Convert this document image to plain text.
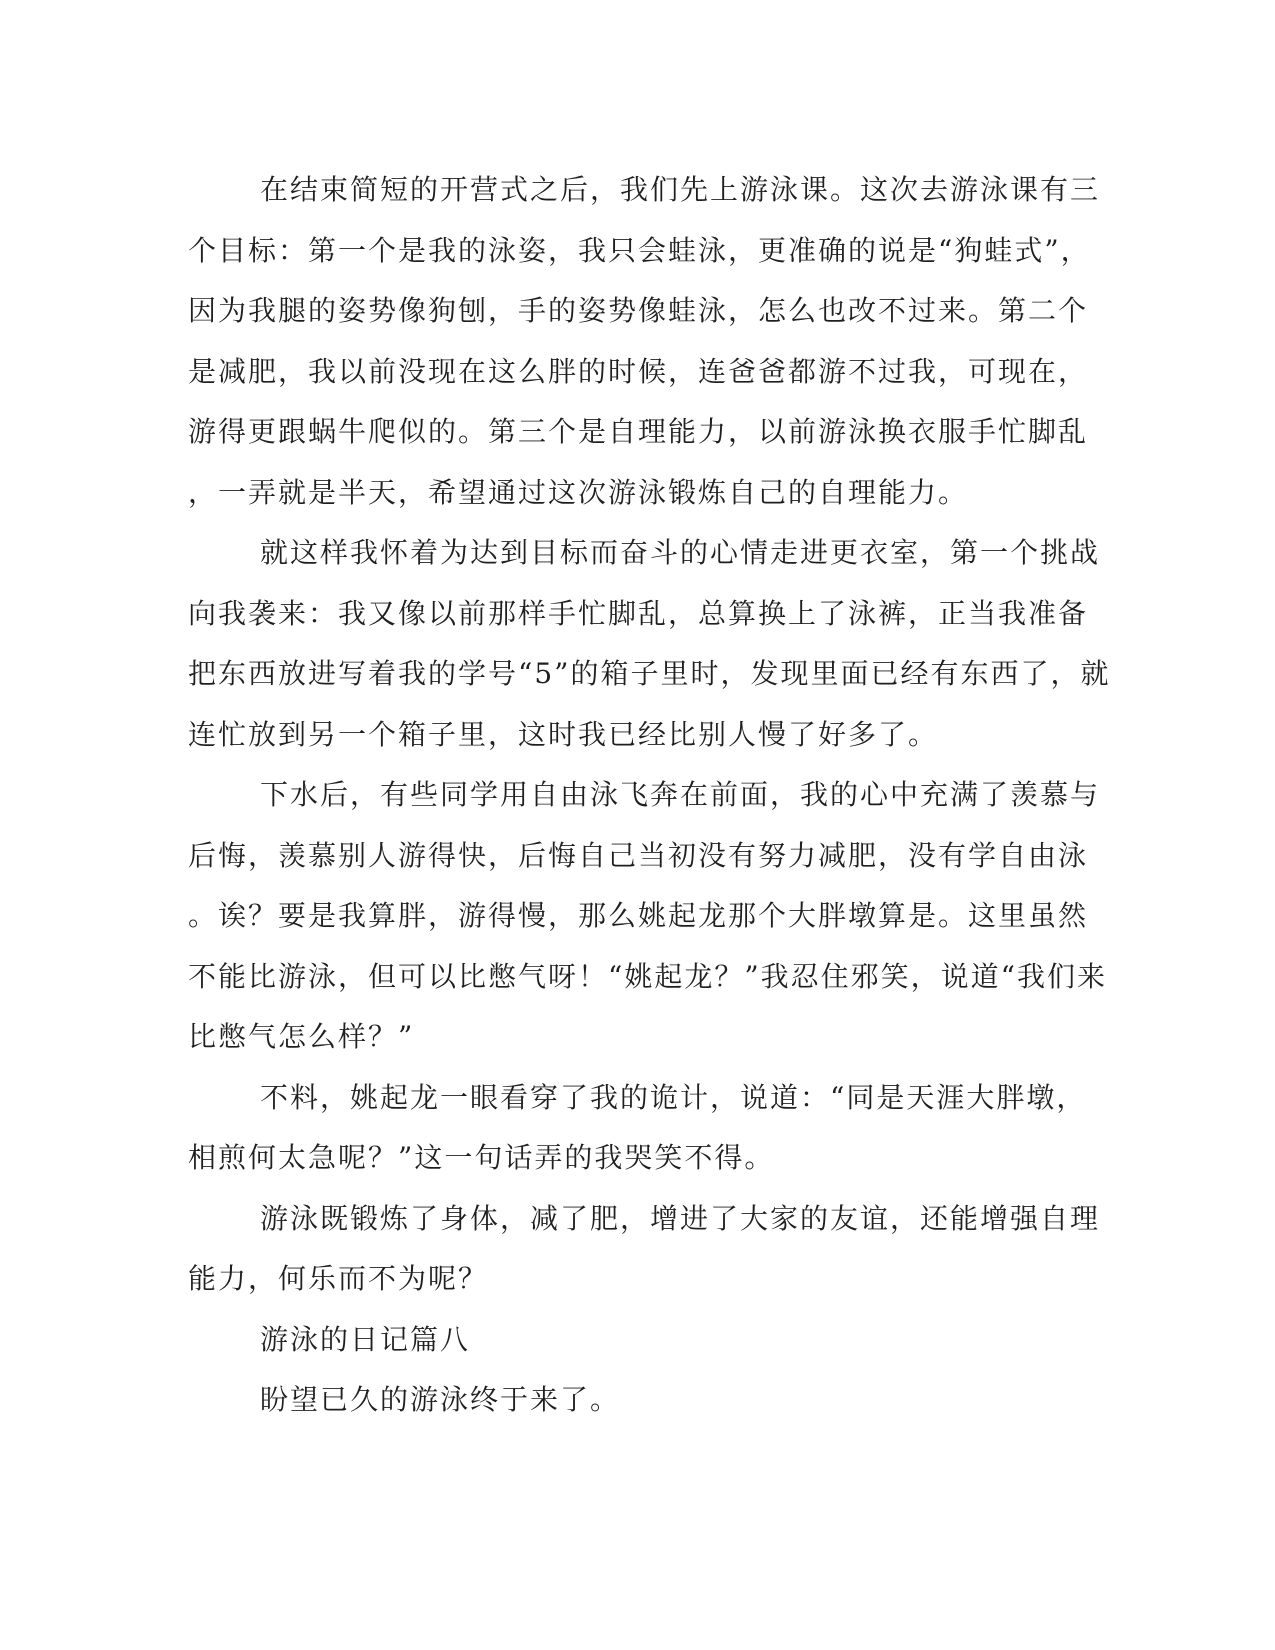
在结束简短的开营式之后，我们先上游泳课。这次去游泳课有三
个目标：第一个是我的泳姿，我只会蛙泳，更准确的说是“狗蛙式”，
因为我腿的姿势像狗刨，手的姿势像蛙泳，怎么也改不过来。第二个
是减肥，我以前没现在这么胖的时候，连爸爸都游不过我，可现在，
游得更跟蜗牛爬似的。第三个是自理能力，以前游泳换衣服手忙脚乱
，一弄就是半天，希望通过这次游泳锻炼自己的自理能力。
就这样我怀着为达到目标而奋斗的心情走进更衣室，第一个挑战
向我袭来：我又像以前那样手忙脚乱，总算换上了泳裤，正当我准备
把东西放进写着我的学号“5”的箱子里时，发现里面已经有东西了，就
连忙放到另一个箱子里，这时我已经比别人慢了好多了。
下水后，有些同学用自由泳飞奔在前面，我的心中充满了羡慕与
后悔，羡慕别人游得快，后悔自己当初没有努力减肥，没有学自由泳
。诶？要是我算胖，游得慢，那么姚起龙那个大胖墩算是。这里虽然
不能比游泳，但可以比憋气呀！“姚起龙？”我忍住邪笑，说道“我们来
比憋气怎么样？”
不料，姚起龙一眼看穿了我的诡计，说道：“同是天涯大胖墩，
相煎何太急呢？”这一句话弄的我哭笑不得。
游泳既锻炼了身体，减了肥，增进了大家的友谊，还能增强自理
能力，何乐而不为呢？
游泳的日记篇八
盼望已久的游泳终于来了。
